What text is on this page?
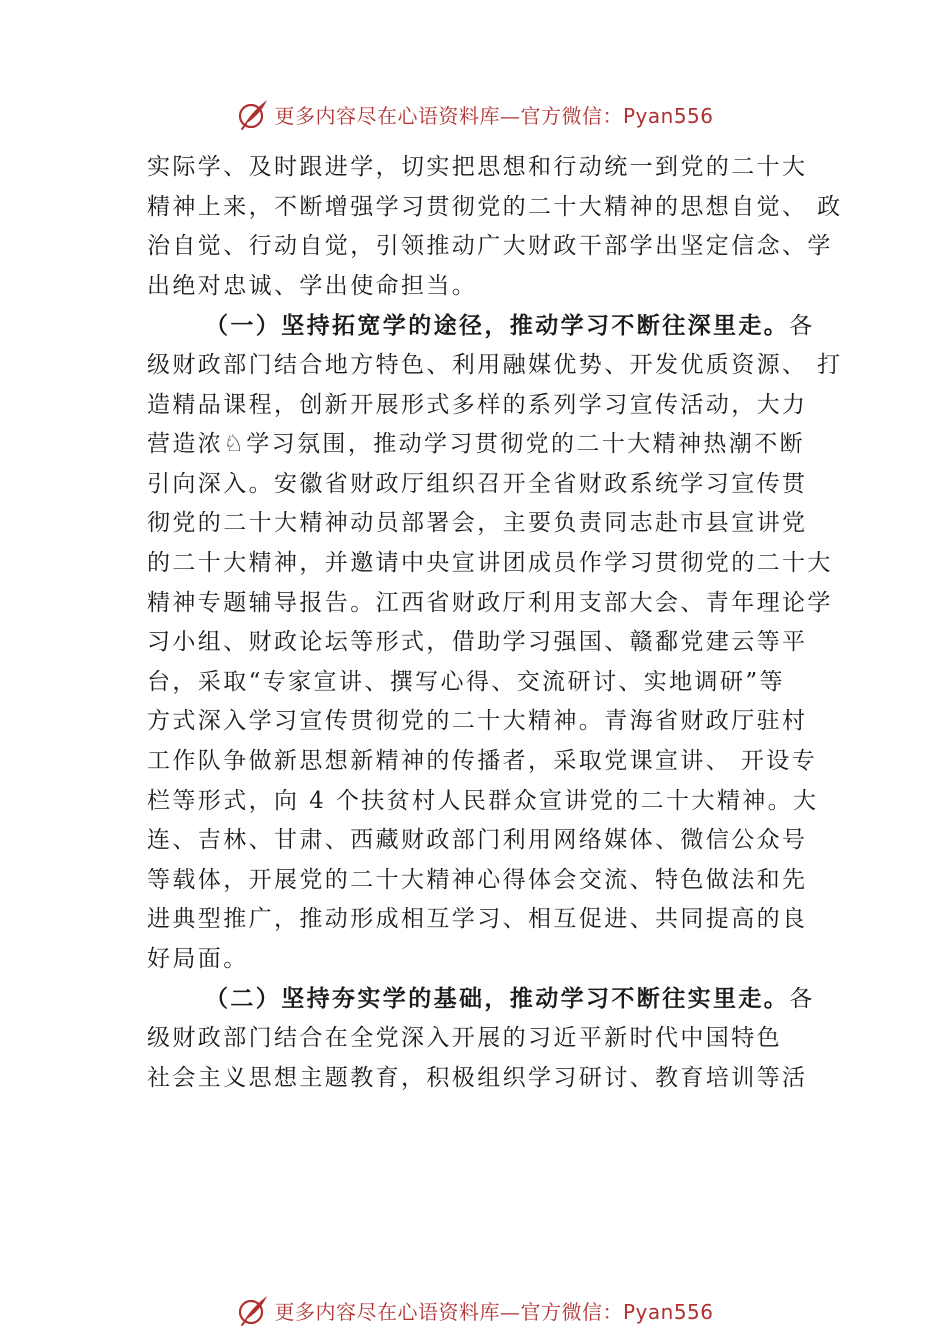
更多内容尽在心语资料库—官方微信：Pyan556
实际学、及时跟进学，切实把思想和行动统一到党的二十大
精神上来，不断增强学习贯彻党的二十大精神的思想自觉、 政
治自觉、行动自觉，引领推动广大财政干部学出坚定信念、学
出绝对忠诚、学出使命担当。
（一）坚持拓宽学的途径，推动学习不断往深里走。各
级财政部门结合地方特色、利用融媒优势、开发优质资源、 打
造精品课程，创新开展形式多样的系列学习宣传活动，大力
营造浓♘学习氛围，推动学习贯彻党的二十大精神热潮不断
引向深入。安徽省财政厅组织召开全省财政系统学习宣传贯
彻党的二十大精神动员部署会，主要负责同志赴市县宣讲党
的二十大精神，并邀请中央宣讲团成员作学习贯彻党的二十大
精神专题辅导报告。江西省财政厅利用支部大会、青年理论学
习小组、财政论坛等形式，借助学习强国、赣鄱党建云等平
台，采取“专家宣讲、撰写心得、交流研讨、实地调研”等
方式深入学习宣传贯彻党的二十大精神。青海省财政厅驻村
工作队争做新思想新精神的传播者，采取党课宣讲、 开设专
栏等形式，向 4 个扶贫村人民群众宣讲党的二十大精神。大
连、吉林、甘肃、西藏财政部门利用网络媒体、微信公众号
等载体，开展党的二十大精神心得体会交流、特色做法和先
进典型推广，推动形成相互学习、相互促进、共同提高的良
好局面。
（二）坚持夯实学的基础，推动学习不断往实里走。各
级财政部门结合在全党深入开展的习近平新时代中国特色
社会主义思想主题教育，积极组织学习研讨、教育培训等活
更多内容尽在心语资料库—官方微信：Pyan556
